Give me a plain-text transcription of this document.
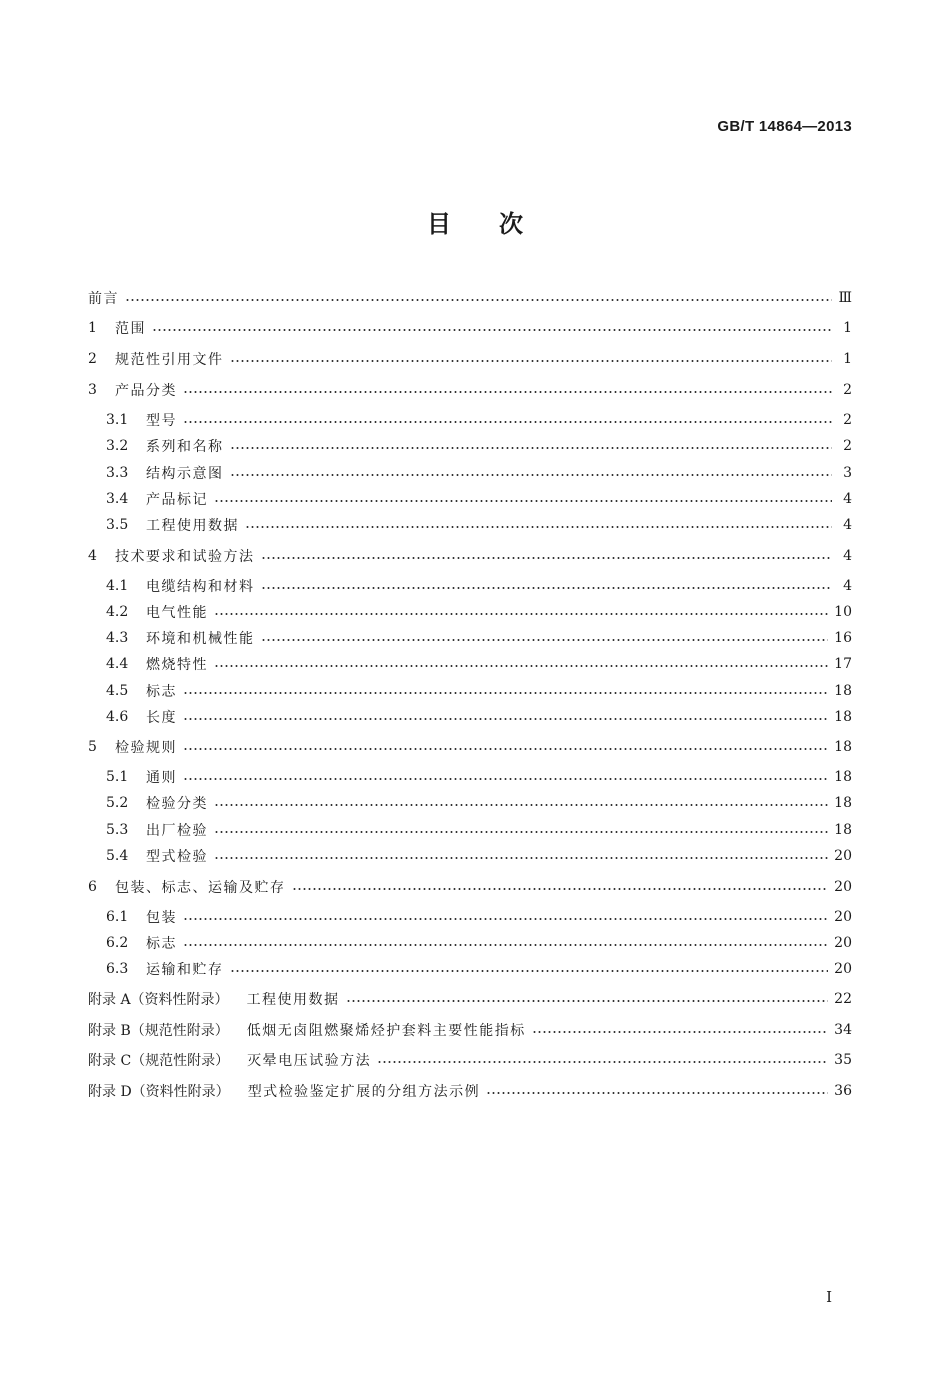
GB/T 14864—2013
目次
前言	Ⅲ
1	范围	1
2	规范性引用文件	1
3	产品分类	2
3.1	型号	2
3.2	系列和名称	2
3.3	结构示意图	3
3.4	产品标记	4
3.5	工程使用数据	4
4	技术要求和试验方法	4
4.1	电缆结构和材料	4
4.2	电气性能	10
4.3	环境和机械性能	16
4.4	燃烧特性	17
4.5	标志	18
4.6	长度	18
5	检验规则	18
5.1	通则	18
5.2	检验分类	18
5.3	出厂检验	18
5.4	型式检验	20
6	包装、标志、运输及贮存	20
6.1	包装	20
6.2	标志	20
6.3	运输和贮存	20
附录 A（资料性附录） 工程使用数据	22
附录 B（规范性附录） 低烟无卤阻燃聚烯烃护套料主要性能指标	34
附录 C（规范性附录） 灭晕电压试验方法	35
附录 D（资料性附录） 型式检验鉴定扩展的分组方法示例	36
I
